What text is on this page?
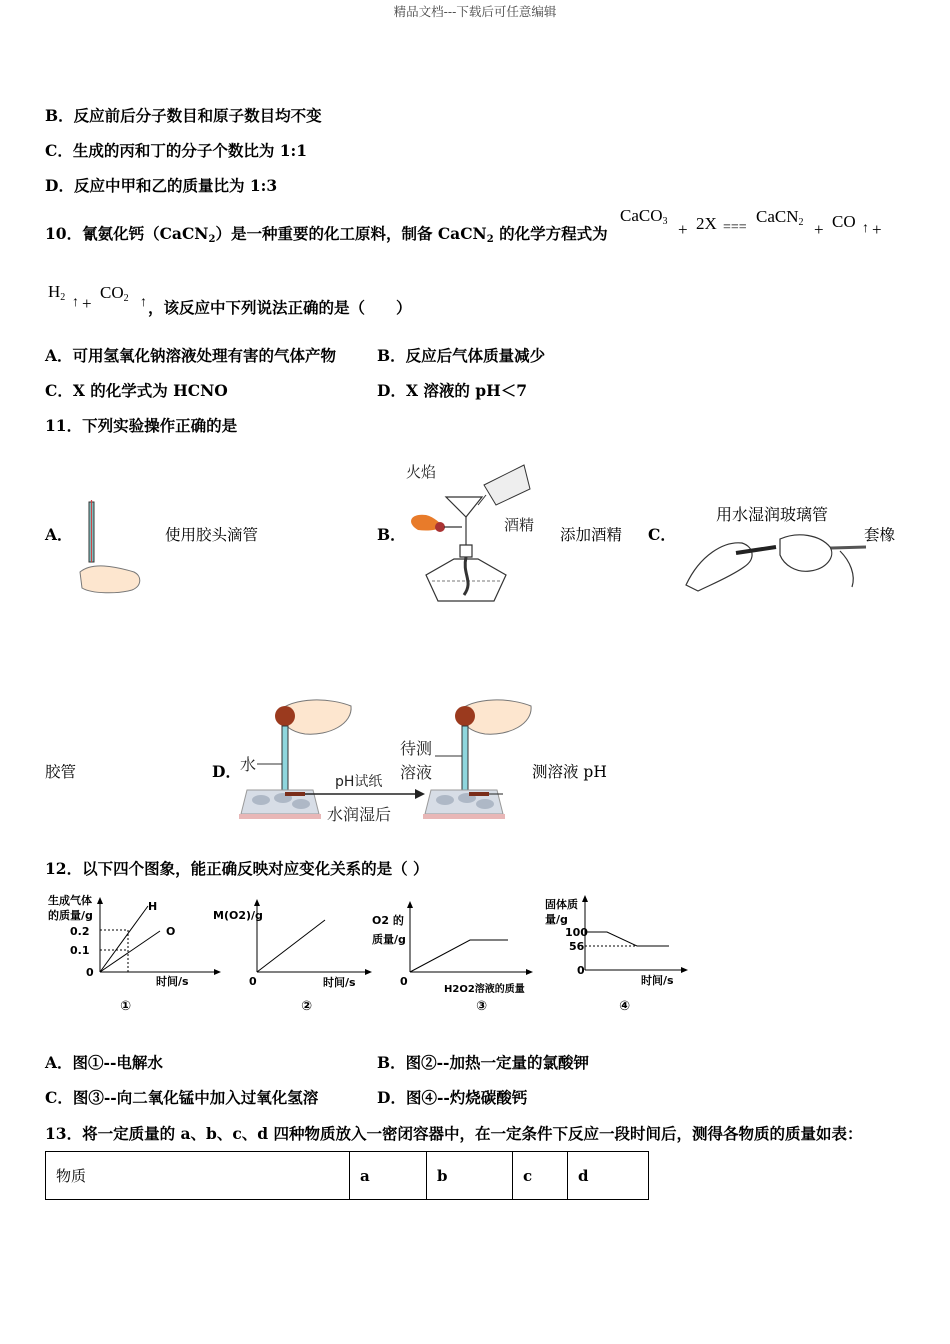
精品文档---下载后可任意编辑
B．反应前后分子数目和原子数目均不变
C．生成的丙和丁的分子个数比为 1:1
D．反应中甲和乙的质量比为 1:3
10．氰氨化钙（CaCN$_2$）是一种重要的化工原料，制备 CaCN$_2$ 的化学方程式为
CaCO$_3$ + 2X ===
CaCN$_2$ + CO ↑ +
$H_2$ ↑ +
$CO_2$ ↑ ，该反应中下列说法正确的是（　　）
A．可用氢氧化钠溶液处理有害的气体产物	B．反应后气体质量减少
C．X 的化学式为 HCNO	D．X 溶液的 pH＜7
11．下列实验操作正确的是
A．	使用胶头滴管	B．
火焰
酒精
添加酒精 C．
用水湿润玻璃管
套橡
胶管	D． 水
pH试纸
水润湿后
待测
溶液	测溶液 pH
12．以下四个图象，能正确反映对应变化关系的是（ ）
生成气体
的质量/g
0.2
0.1
0
H
O
时间/s
①
M(O2)/g
0	时间/s
②
O2 的
质量/g
0
H2O2溶液的质量
③
固体质
量/g
100
56
0
时间/s
④
A．图①--电解水	B．图②--加热一定量的氯酸钾
C．图③--向二氧化锰中加入过氧化氢溶	D．图④--灼烧碳酸钙
13．将一定质量的 a、b、c、d 四种物质放入一密闭容器中，在一定条件下反应一段时间后，测得各物质的质量如表：
物质	a	b	c	d
